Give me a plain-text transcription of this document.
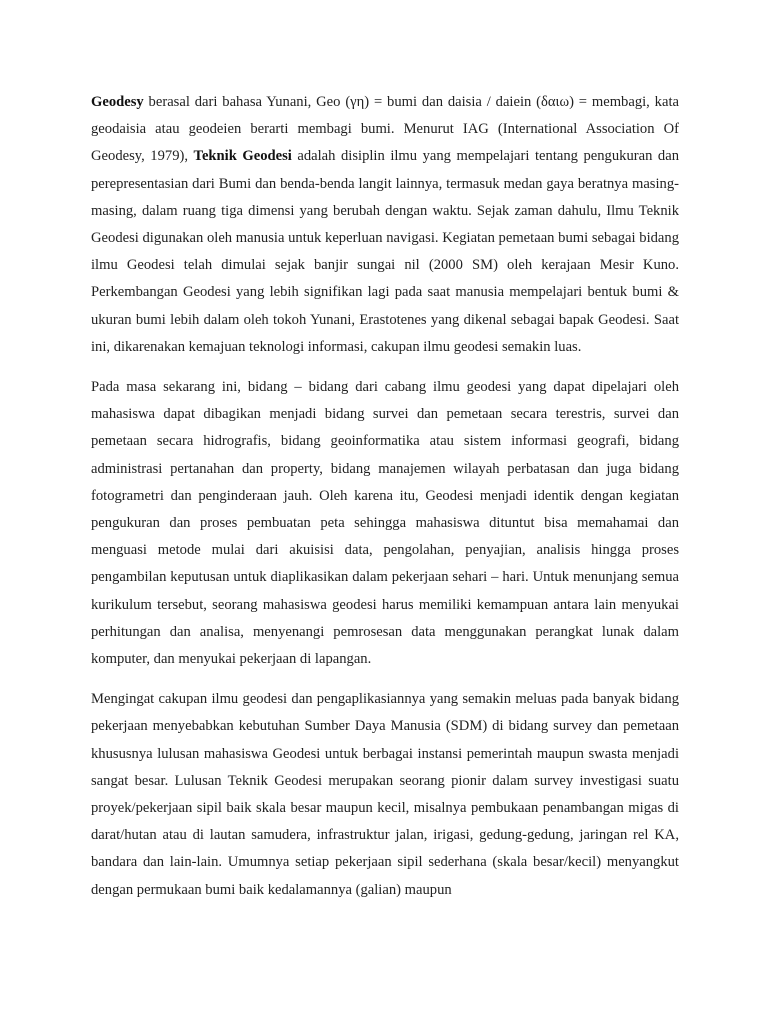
Geodesy berasal dari bahasa Yunani, Geo (γη) = bumi dan daisia / daiein (δαιω) = membagi, kata geodaisia atau geodeien berarti membagi bumi. Menurut IAG (International Association Of Geodesy, 1979), Teknik Geodesi adalah disiplin ilmu yang mempelajari tentang pengukuran dan perepresentasian dari Bumi dan benda-benda langit lainnya, termasuk medan gaya beratnya masing-masing, dalam ruang tiga dimensi yang berubah dengan waktu. Sejak zaman dahulu, Ilmu Teknik Geodesi digunakan oleh manusia untuk keperluan navigasi. Kegiatan pemetaan bumi sebagai bidang ilmu Geodesi telah dimulai sejak banjir sungai nil (2000 SM) oleh kerajaan Mesir Kuno. Perkembangan Geodesi yang lebih signifikan lagi pada saat manusia mempelajari bentuk bumi & ukuran bumi lebih dalam oleh tokoh Yunani, Erastotenes yang dikenal sebagai bapak Geodesi. Saat ini, dikarenakan kemajuan teknologi informasi, cakupan ilmu geodesi semakin luas.

Pada masa sekarang ini, bidang – bidang dari cabang ilmu geodesi yang dapat dipelajari oleh mahasiswa dapat dibagikan menjadi bidang survei dan pemetaan secara terestris, survei dan pemetaan secara hidrografis, bidang geoinformatika atau sistem informasi geografi, bidang administrasi pertanahan dan property, bidang manajemen wilayah perbatasan dan juga bidang fotogrametri dan penginderaan jauh. Oleh karena itu, Geodesi menjadi identik dengan kegiatan pengukuran dan proses pembuatan peta sehingga mahasiswa dituntut bisa memahamai dan menguasi metode mulai dari akuisisi data, pengolahan, penyajian, analisis hingga proses pengambilan keputusan untuk diaplikasikan dalam pekerjaan sehari – hari. Untuk menunjang semua kurikulum tersebut, seorang mahasiswa geodesi harus memiliki kemampuan antara lain menyukai perhitungan dan analisa, menyenangi pemrosesan data menggunakan perangkat lunak dalam komputer, dan menyukai pekerjaan di lapangan.

Mengingat cakupan ilmu geodesi dan pengaplikasiannya yang semakin meluas pada banyak bidang pekerjaan menyebabkan kebutuhan Sumber Daya Manusia (SDM) di bidang survey dan pemetaan khususnya lulusan mahasiswa Geodesi untuk berbagai instansi pemerintah maupun swasta menjadi sangat besar. Lulusan Teknik Geodesi merupakan seorang pionir dalam survey investigasi suatu proyek/pekerjaan sipil baik skala besar maupun kecil, misalnya pembukaan penambangan migas di darat/hutan atau di lautan samudera, infrastruktur jalan, irigasi, gedung-gedung, jaringan rel KA, bandara dan lain-lain. Umumnya setiap pekerjaan sipil sederhana (skala besar/kecil) menyangkut dengan permukaan bumi baik kedalamannya (galian) maupun
